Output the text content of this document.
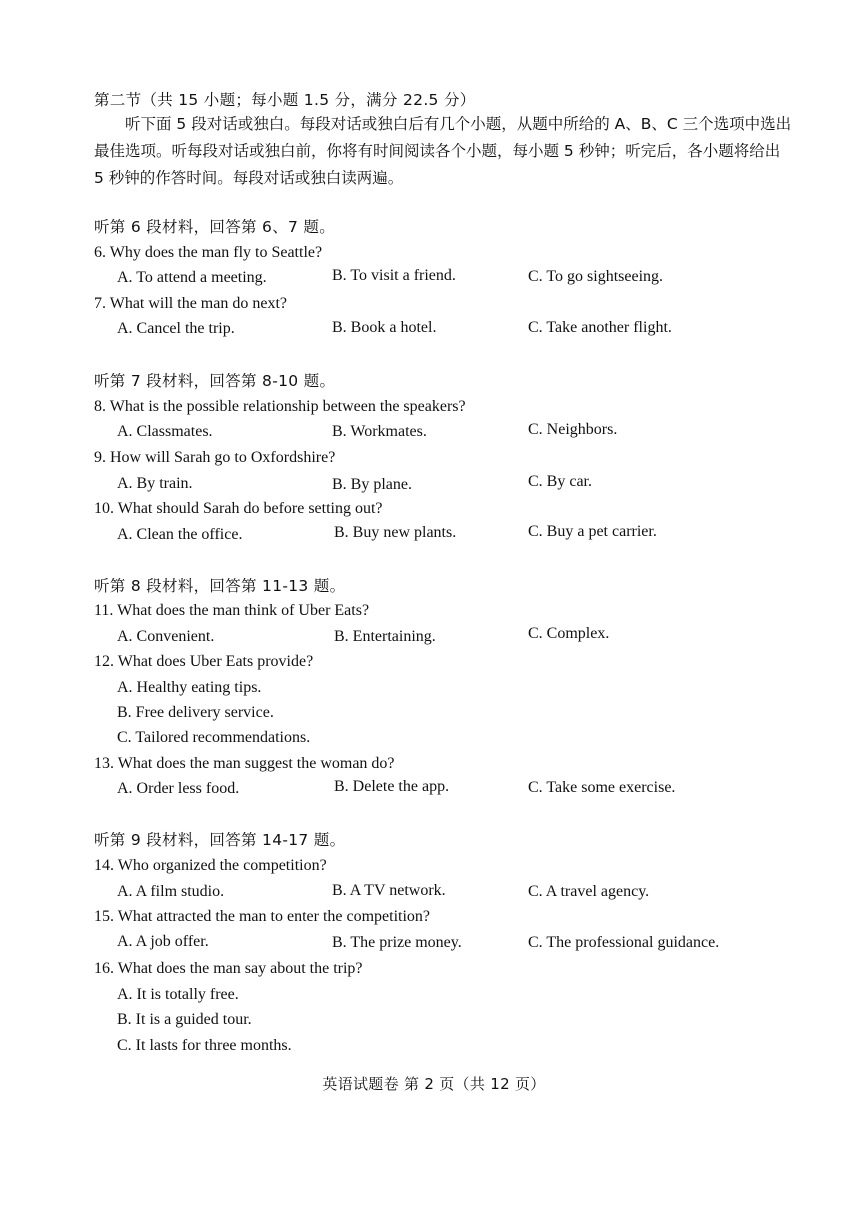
第二节（共 15 小题；每小题 1.5 分，满分 22.5 分）
听下面 5 段对话或独白。每段对话或独白后有几个小题，从题中所给的 A、B、C 三个选项中选出最佳选项。听每段对话或独白前，你将有时间阅读各个小题，每小题 5 秒钟；听完后，各小题将给出 5 秒钟的作答时间。每段对话或独白读两遍。
听第 6 段材料，回答第 6、7 题。
6. Why does the man fly to Seattle?
A. To attend a meeting.	B. To visit a friend.	C. To go sightseeing.
7. What will the man do next?
A. Cancel the trip.	B. Book a hotel.	C. Take another flight.
听第 7 段材料，回答第 8-10 题。
8. What is the possible relationship between the speakers?
A. Classmates.	B. Workmates.	C. Neighbors.
9. How will Sarah go to Oxfordshire?
A. By train.	B. By plane.	C. By car.
10. What should Sarah do before setting out?
A. Clean the office.	B. Buy new plants.	C. Buy a pet carrier.
听第 8 段材料，回答第 11-13 题。
11. What does the man think of Uber Eats?
A. Convenient.	B. Entertaining.	C. Complex.
12. What does Uber Eats provide?
A. Healthy eating tips.
B. Free delivery service.
C. Tailored recommendations.
13. What does the man suggest the woman do?
A. Order less food.	B. Delete the app.	C. Take some exercise.
听第 9 段材料，回答第 14-17 题。
14. Who organized the competition?
A. A film studio.	B. A TV network.	C. A travel agency.
15. What attracted the man to enter the competition?
A. A job offer.	B. The prize money.	C. The professional guidance.
16. What does the man say about the trip?
A. It is totally free.
B. It is a guided tour.
C. It lasts for three months.
英语试题卷 第 2 页（共 12 页）
